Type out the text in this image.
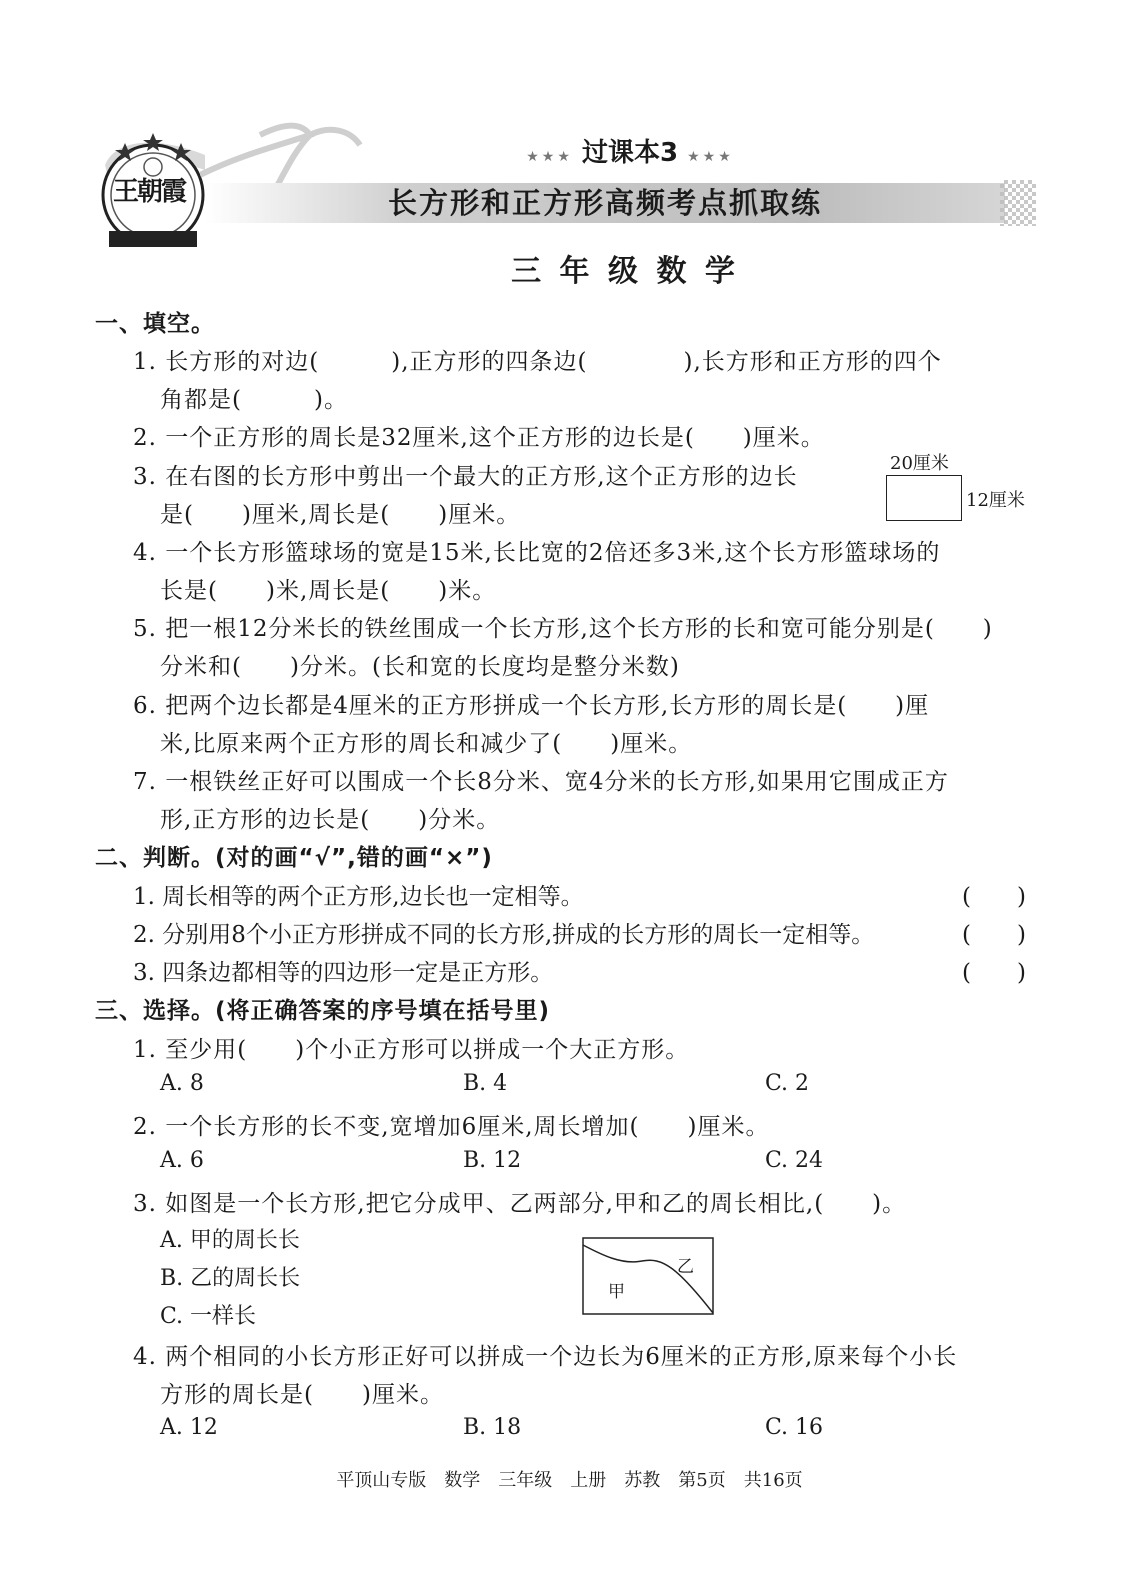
王朝霞
★★★ 过课本3 ★★★
长方形和正方形高频考点抓取练
三 年 级 数 学
一、填空。
1. 长方形的对边(　　　),正方形的四条边(　　　　),长方形和正方形的四个
角都是(　　　)。
2. 一个正方形的周长是32厘米,这个正方形的边长是(　　)厘米。
3. 在右图的长方形中剪出一个最大的正方形,这个正方形的边长
是(　　)厘米,周长是(　　)厘米。
4. 一个长方形篮球场的宽是15米,长比宽的2倍还多3米,这个长方形篮球场的
长是(　　)米,周长是(　　)米。
5. 把一根12分米长的铁丝围成一个长方形,这个长方形的长和宽可能分别是(　　)
分米和(　　)分米。(长和宽的长度均是整分米数)
6. 把两个边长都是4厘米的正方形拼成一个长方形,长方形的周长是(　　)厘
米,比原来两个正方形的周长和减少了(　　)厘米。
7. 一根铁丝正好可以围成一个长8分米、宽4分米的长方形,如果用它围成正方
形,正方形的边长是(　　)分米。
20厘米
12厘米
二、判断。(对的画“√”,错的画“×”)
1. 周长相等的两个正方形,边长也一定相等。	(　　)
2. 分别用8个小正方形拼成不同的长方形,拼成的长方形的周长一定相等。	(　　)
3. 四条边都相等的四边形一定是正方形。	(　　)
三、选择。(将正确答案的序号填在括号里)
1. 至少用(　　)个小正方形可以拼成一个大正方形。
A. 8	B. 4	C. 2
2. 一个长方形的长不变,宽增加6厘米,周长增加(　　)厘米。
A. 6	B. 12	C. 24
3. 如图是一个长方形,把它分成甲、乙两部分,甲和乙的周长相比,(　　)。
A. 甲的周长长
B. 乙的周长长
C. 一样长
甲
乙
4. 两个相同的小长方形正好可以拼成一个边长为6厘米的正方形,原来每个小长
方形的周长是(　　)厘米。
A. 12	B. 18	C. 16
平顶山专版　数学　三年级　上册　苏教　第5页　共16页
